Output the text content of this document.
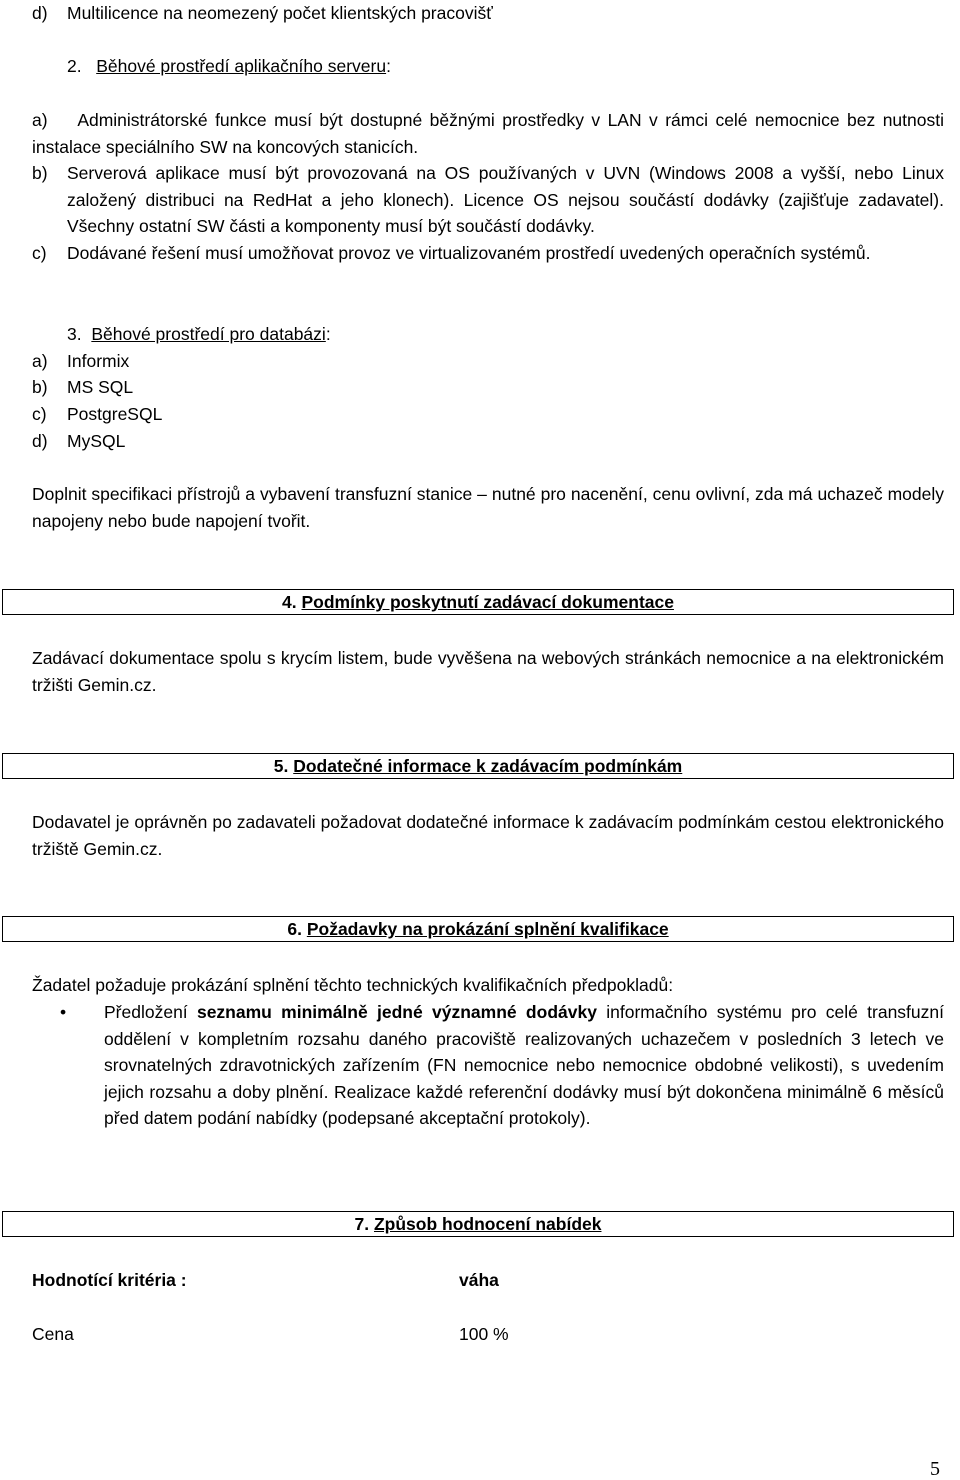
d) Multilicence na neomezený počet klientských pracovišť
2. Běhové prostředí aplikačního serveru:
a) Administrátorské funkce musí být dostupné běžnými prostředky v LAN v rámci celé nemocnice bez nutnosti instalace speciálního SW na koncových stanicích.
b) Serverová aplikace musí být provozovaná na OS používaných v UVN (Windows 2008 a vyšší, nebo Linux založený distribuci na RedHat a jeho klonech). Licence OS nejsou součástí dodávky (zajišťuje zadavatel). Všechny ostatní SW části a komponenty musí být součástí dodávky.
c) Dodávané řešení musí umožňovat provoz ve virtualizovaném prostředí uvedených operačních systémů.
3. Běhové prostředí pro databázi:
a) Informix
b) MS SQL
c) PostgreSQL
d) MySQL
Doplnit specifikaci přístrojů a vybavení transfuzní stanice – nutné pro nacenění, cenu ovlivní, zda má uchazeč modely napojeny nebo bude napojení tvořit.
4. Podmínky poskytnutí zadávací dokumentace
Zadávací dokumentace spolu s krycím listem, bude vyvěšena na webových stránkách nemocnice a na elektronickém tržišti Gemin.cz.
5. Dodatečné informace k zadávacím podmínkám
Dodavatel je oprávněn po zadavateli požadovat dodatečné informace k zadávacím podmínkám cestou elektronického tržiště Gemin.cz.
6. Požadavky na prokázání splnění kvalifikace
Žadatel požaduje prokázání splnění těchto technických kvalifikačních předpokladů:
• Předložení seznamu minimálně jedné významné dodávky informačního systému pro celé transfuzní oddělení v kompletním rozsahu daného pracoviště realizovaných uchazečem v posledních 3 letech ve srovnatelných zdravotnických zařízením (FN nemocnice nebo nemocnice obdobné velikosti), s uvedením jejich rozsahu a doby plnění. Realizace každé referenční dodávky musí být dokončena minimálně 6 měsíců před datem podání nabídky (podepsané akceptační protokoly).
7. Způsob hodnocení nabídek
Hodnotící kritéria :	váha
Cena	100 %
5
